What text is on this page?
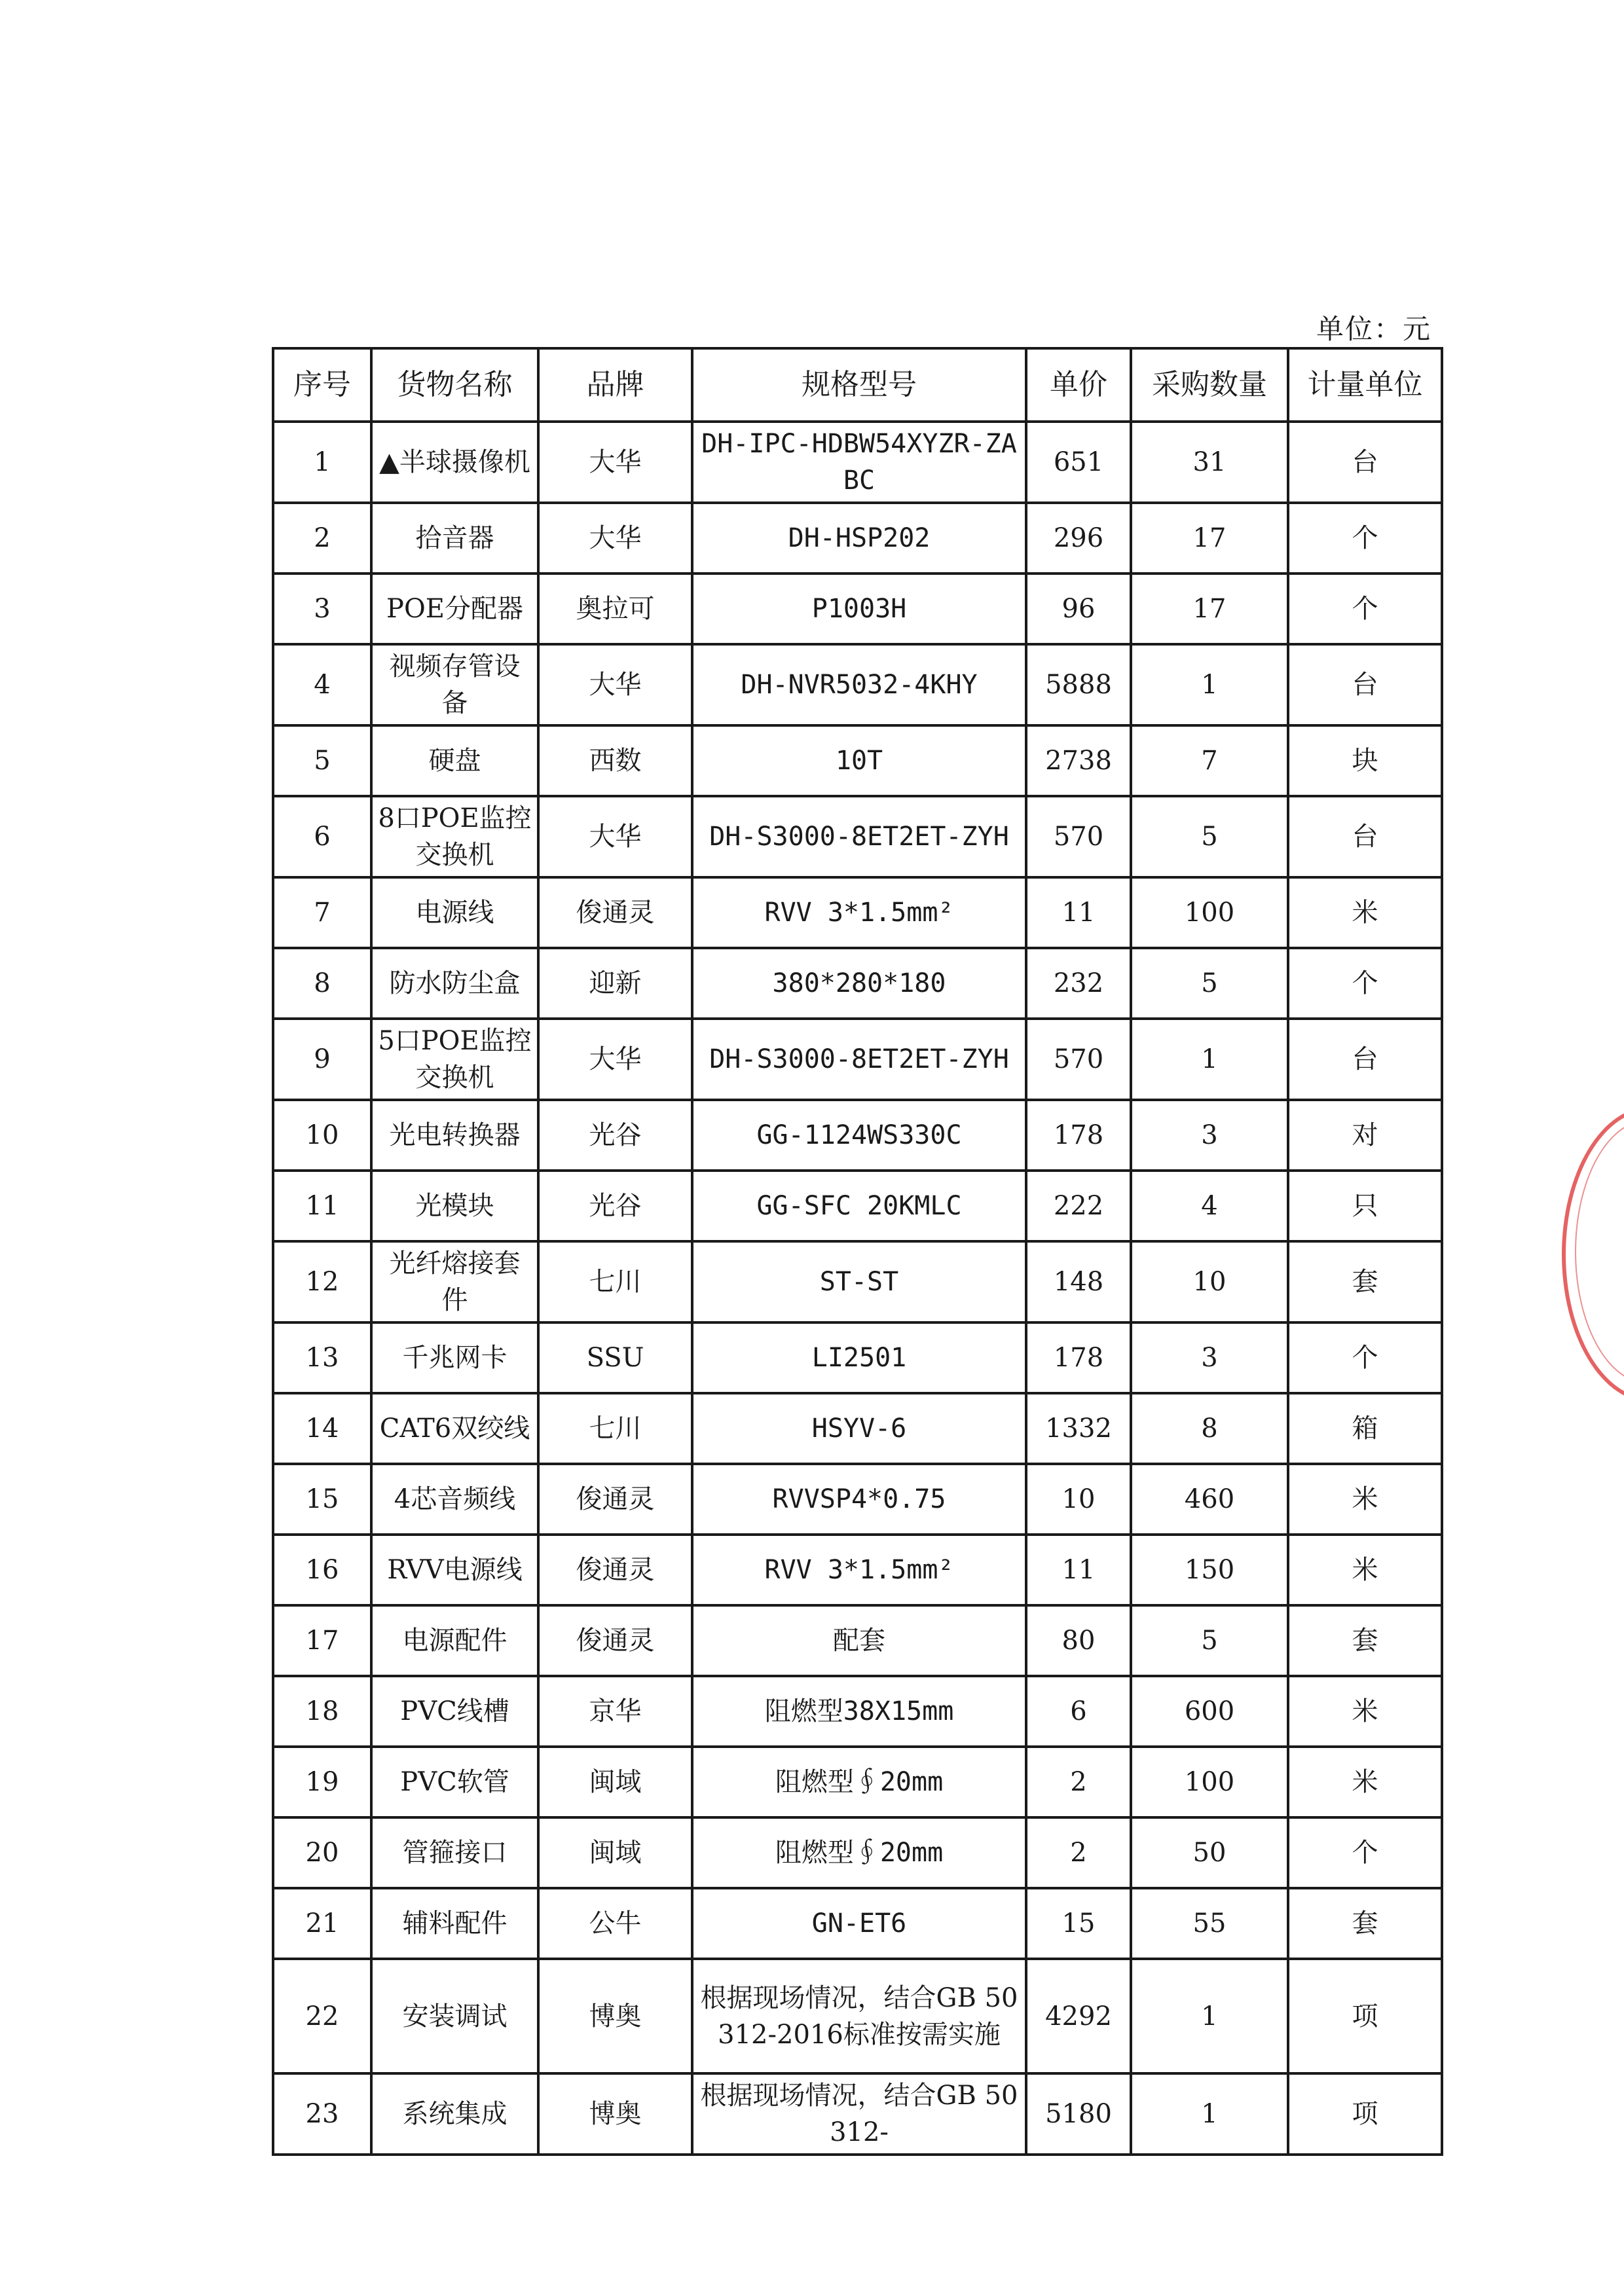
单位：元
序号	货物名称	品牌	规格型号	单价	采购数量	计量单位
1	▲半球摄像机	大华	DH-IPC-HDBW54XYZR-ZABC	651	31	台
2	拾音器	大华	DH-HSP202	296	17	个
3	POE分配器	奥拉可	P1003H	96	17	个
4	视频存管设备	大华	DH-NVR5032-4KHY	5888	1	台
5	硬盘	西数	10T	2738	7	块
6	8口POE监控交换机	大华	DH-S3000-8ET2ET-ZYH	570	5	台
7	电源线	俊通灵	RVV 3*1.5mm²	11	100	米
8	防水防尘盒	迎新	380*280*180	232	5	个
9	5口POE监控交换机	大华	DH-S3000-8ET2ET-ZYH	570	1	台
10	光电转换器	光谷	GG-1124WS330C	178	3	对
11	光模块	光谷	GG-SFC 20KMLC	222	4	只
12	光纤熔接套件	七川	ST-ST	148	10	套
13	千兆网卡	SSU	LI2501	178	3	个
14	CAT6双绞线	七川	HSYV-6	1332	8	箱
15	4芯音频线	俊通灵	RVVSP4*0.75	10	460	米
16	RVV电源线	俊通灵	RVV 3*1.5mm²	11	150	米
17	电源配件	俊通灵	配套	80	5	套
18	PVC线槽	京华	阻燃型38X15mm	6	600	米
19	PVC软管	闽域	阻燃型∮20mm	2	100	米
20	管箍接口	闽域	阻燃型∮20mm	2	50	个
21	辅料配件	公牛	GN-ET6	15	55	套
22	安装调试	博奥	根据现场情况，结合GB 50312-2016标准按需实施	4292	1	项
23	系统集成	博奥	根据现场情况，结合GB 50312-	5180	1	项
